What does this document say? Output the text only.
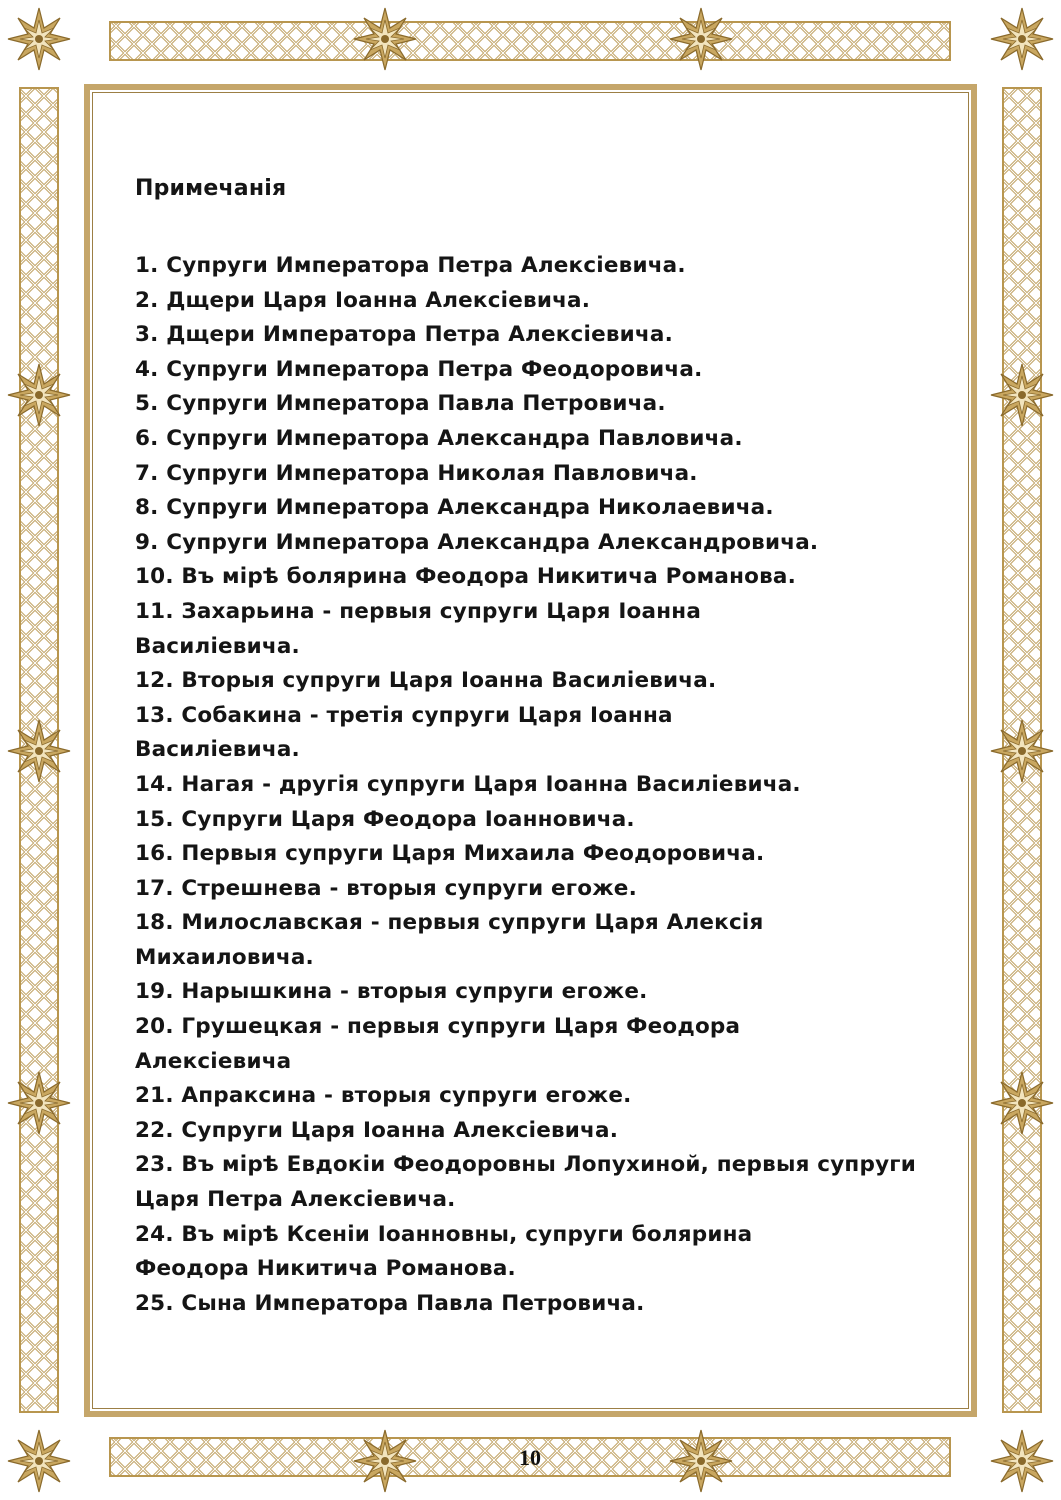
Примечанія
1. Супруги Императора Петра Алексіевича.
2. Дщери Царя Іоанна Алексіевича.
3. Дщери Императора Петра Алексіевича.
4. Супруги Императора Петра Феодоровича.
5. Супруги Императора Павла Петровича.
6. Супруги Императора Александра Павловича.
7. Супруги Императора Николая Павловича.
8. Супруги Императора Александра Николаевича.
9. Супруги Императора Александра Александровича.
10. Въ мірѣ болярина Феодора Никитича Романова.
11. Захарьина - первыя супруги Царя Іоанна
Василіевича.
12. Вторыя супруги Царя Іоанна Василіевича.
13. Собакина - третія супруги Царя Іоанна
Василіевича.
14. Нагая - другія супруги Царя Іоанна Василіевича.
15. Супруги Царя Феодора Іоанновича.
16. Первыя супруги Царя Михаила Феодоровича.
17. Стрешнева - вторыя супруги егоже.
18. Милославская - первыя супруги Царя Алексія
Михаиловича.
19. Нарышкина - вторыя супруги егоже.
20. Грушецкая - первыя супруги Царя Феодора
Алексіевича
21. Апраксина - вторыя супруги егоже.
22. Супруги Царя Іоанна Алексіевича.
23. Въ мірѣ Евдокіи Феодоровны Лопухиной, первыя супруги
Царя Петра Алексіевича.
24. Въ мірѣ Ксеніи Іоанновны, супруги болярина
Феодора Никитича Романова.
25. Сына Императора Павла Петровича.
10
